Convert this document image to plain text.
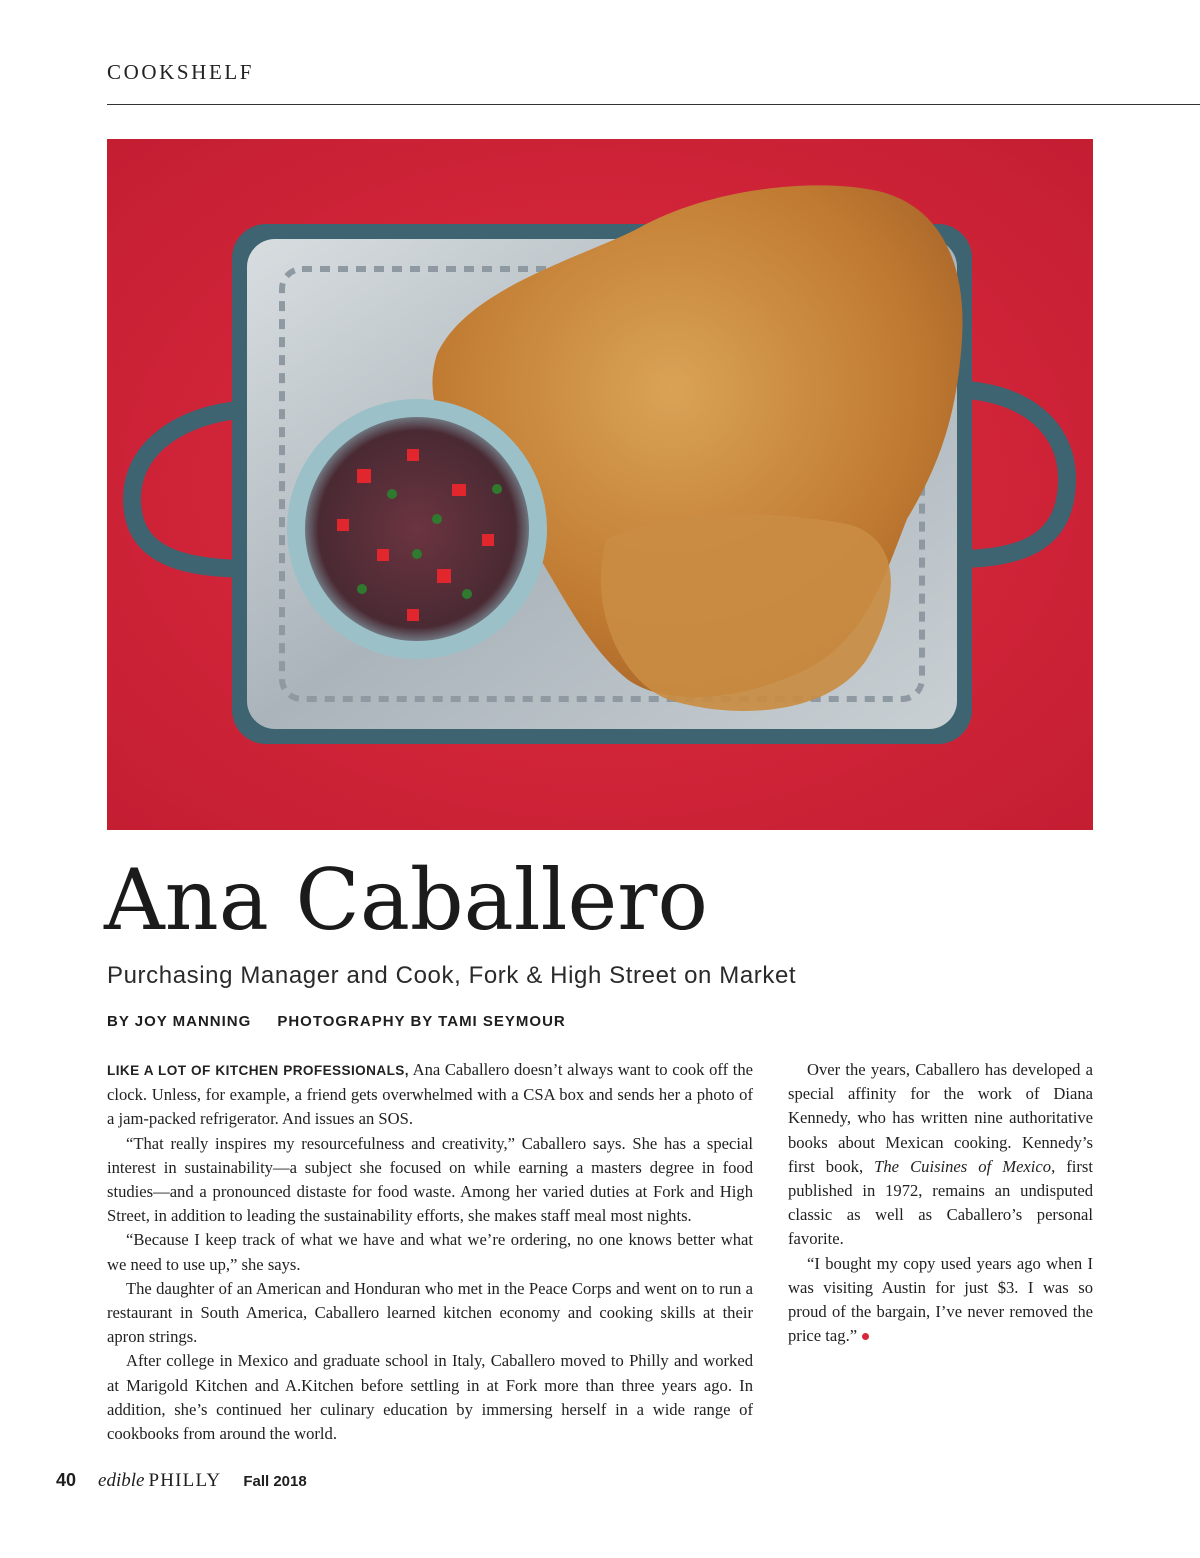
COOKSHELF
Ana Caballero
Purchasing Manager and Cook, Fork & High Street on Market
BY JOY MANNING PHOTOGRAPHY BY TAMI SEYMOUR

LIKE A LOT OF KITCHEN PROFESSIONALS, Ana Caballero doesn’t always want to cook off the clock. Unless, for example, a friend gets overwhelmed with a CSA box and sends her a photo of a jam-packed refrigerator. And issues an SOS.

“That really inspires my resourcefulness and creativity,” Caballero says. She has a special interest in sustainability—a subject she focused on while earning a masters degree in food studies—and a pronounced distaste for food waste. Among her varied duties at Fork and High Street, in addition to leading the sustainability efforts, she makes staff meal most nights.

“Because I keep track of what we have and what we’re ordering, no one knows better what we need to use up,” she says.

The daughter of an American and Honduran who met in the Peace Corps and went on to run a restaurant in South America, Caballero learned kitchen economy and cooking skills at their apron strings.

After college in Mexico and graduate school in Italy, Caballero moved to Philly and worked at Marigold Kitchen and A.Kitchen before settling in at Fork more than three years ago. In addition, she’s continued her culinary education by immersing herself in a wide range of cookbooks from around the world.

Over the years, Caballero has developed a special affinity for the work of Diana Kennedy, who has written nine authoritative books about Mexican cooking. Kennedy’s first book, The Cuisines of Mexico, first published in 1972, remains an undisputed classic as well as Caballero’s personal favorite.

“I bought my copy used years ago when I was visiting Austin for just $3. I was so proud of the bargain, I’ve never removed the price tag.”

40 edible PHILLY Fall 2018
